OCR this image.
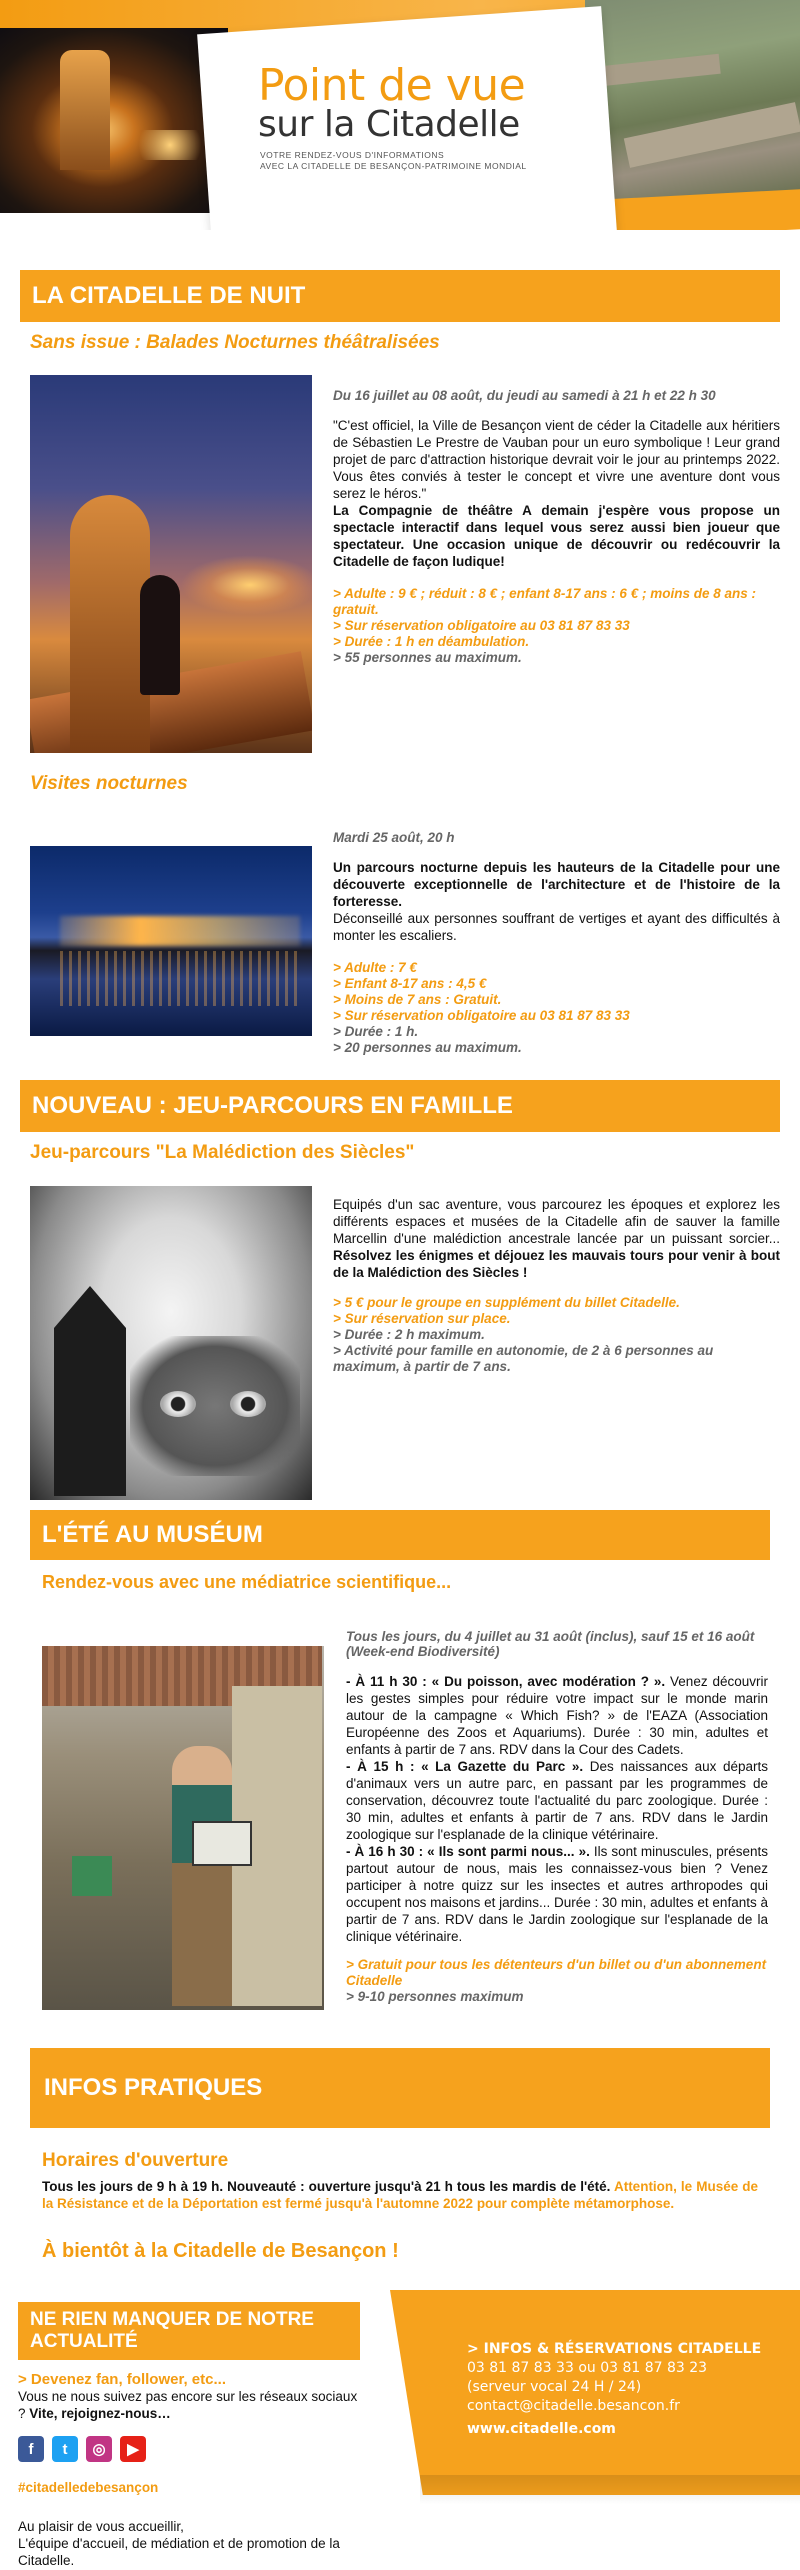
Point de vue
sur la Citadelle
VOTRE RENDEZ-VOUS D'INFORMATIONS
AVEC LA CITADELLE DE BESANÇON-PATRIMOINE MONDIAL
LA CITADELLE DE NUIT
Sans issue : Balades Nocturnes théâtralisées
Du 16 juillet au 08 août, du jeudi au samedi à 21 h et 22 h 30
"C'est officiel, la Ville de Besançon vient de céder la Citadelle aux héritiers de Sébastien Le Prestre de Vauban pour un euro symbolique ! Leur grand projet de parc d'attraction historique devrait voir le jour au printemps 2022. Vous êtes conviés à tester le concept et vivre une aventure dont vous serez le héros."
La Compagnie de théâtre A demain j'espère vous propose un spectacle interactif dans lequel vous serez aussi bien joueur que spectateur. Une occasion unique de découvrir ou redécouvrir la Citadelle de façon ludique!
> Adulte : 9 € ; réduit : 8 € ; enfant 8-17 ans : 6 € ; moins de 8 ans : gratuit.
> Sur réservation obligatoire au 03 81 87 83 33
> Durée : 1 h en déambulation.
> 55 personnes au maximum.
Visites nocturnes
Mardi 25 août, 20 h
Un parcours nocturne depuis les hauteurs de la Citadelle pour une découverte exceptionnelle de l'architecture et de l'histoire de la forteresse.
Déconseillé aux personnes souffrant de vertiges et ayant des difficultés à monter les escaliers.
> Adulte : 7 €
> Enfant 8-17 ans : 4,5 €
> Moins de 7 ans : Gratuit.
> Sur réservation obligatoire au 03 81 87 83 33
> Durée : 1 h.
> 20 personnes au maximum.
NOUVEAU : JEU-PARCOURS EN FAMILLE
Jeu-parcours "La Malédiction des Siècles"
Equipés d'un sac aventure, vous parcourez les époques et explorez les différents espaces et musées de la Citadelle afin de sauver la famille Marcellin d'une malédiction ancestrale lancée par un puissant sorcier... Résolvez les énigmes et déjouez les mauvais tours pour venir à bout de la Malédiction des Siècles !
> 5 € pour le groupe en supplément du billet Citadelle.
> Sur réservation sur place.
> Durée : 2 h maximum.
> Activité pour famille en autonomie, de 2 à 6 personnes au maximum, à partir de 7 ans.
L'ÉTÉ AU MUSÉUM
Rendez-vous avec une médiatrice scientifique...
Tous les jours, du 4 juillet au 31 août (inclus), sauf 15 et 16 août (Week-end Biodiversité)
- À 11 h 30 : « Du poisson, avec modération ? ». Venez découvrir les gestes simples pour réduire votre impact sur le monde marin autour de la campagne « Which Fish? » de l'EAZA (Association Européenne des Zoos et Aquariums). Durée : 30 min, adultes et enfants à partir de 7 ans. RDV dans la Cour des Cadets.
- À 15 h : « La Gazette du Parc ». Des naissances aux départs d'animaux vers un autre parc, en passant par les programmes de conservation, découvrez toute l'actualité du parc zoologique. Durée : 30 min, adultes et enfants à partir de 7 ans. RDV dans le Jardin zoologique sur l'esplanade de la clinique vétérinaire.
- À 16 h 30 : « Ils sont parmi nous... ». Ils sont minuscules, présents partout autour de nous, mais les connaissez-vous bien ? Venez participer à notre quizz sur les insectes et autres arthropodes qui occupent nos maisons et jardins... Durée : 30 min, adultes et enfants à partir de 7 ans. RDV dans le Jardin zoologique sur l'esplanade de la clinique vétérinaire.
> Gratuit pour tous les détenteurs d'un billet ou d'un abonnement Citadelle
> 9-10 personnes maximum
INFOS PRATIQUES
Horaires d'ouverture
Tous les jours de 9 h à 19 h. Nouveauté : ouverture jusqu'à 21 h tous les mardis de l'été. Attention, le Musée de la Résistance et de la Déportation est fermé jusqu'à l'automne 2022 pour complète métamorphose.
À bientôt à la Citadelle de Besançon !
NE RIEN MANQUER DE NOTRE ACTUALITÉ
> Devenez fan, follower, etc...
Vous ne nous suivez pas encore sur les réseaux sociaux ? Vite, rejoignez-nous…
f	t	◎	▶
#citadelledebesançon
Au plaisir de vous accueillir,
L'équipe d'accueil, de médiation et de promotion de la Citadelle.
> INFOS & RÉSERVATIONS CITADELLE
03 81 87 83 33 ou 03 81 87 83 23
(serveur vocal 24 H / 24)
contact@citadelle.besancon.fr
www.citadelle.com
